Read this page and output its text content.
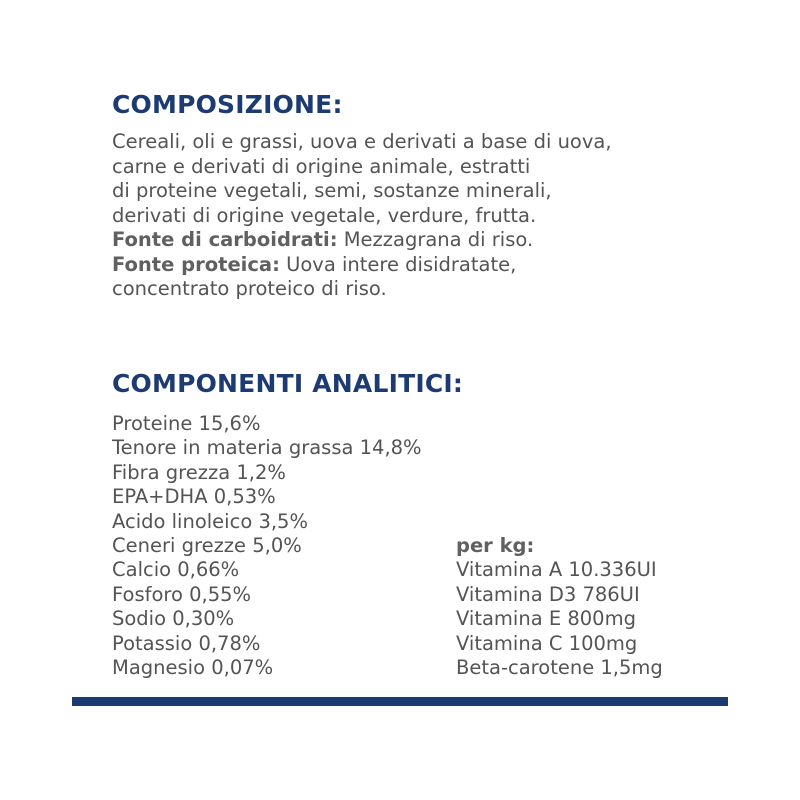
COMPOSIZIONE:

Cereali, oli e grassi, uova e derivati a base di uova,
carne e derivati di origine animale, estratti
di proteine vegetali, semi, sostanze minerali,
derivati di origine vegetale, verdure, frutta.
Fonte di carboidrati: Mezzagrana di riso.
Fonte proteica: Uova intere disidratate,
concentrato proteico di riso.

COMPONENTI ANALITICI:
Proteine 15,6%
Tenore in materia grassa 14,8%
Fibra grezza 1,2%
EPA+DHA 0,53%
Acido linoleico 3,5%
Ceneri grezze 5,0%
Calcio 0,66%
Fosforo 0,55%
Sodio 0,30%
Potassio 0,78%
Magnesio 0,07%
per kg:
Vitamina A 10.336UI
Vitamina D3 786UI
Vitamina E 800mg
Vitamina C 100mg
Beta-carotene 1,5mg
